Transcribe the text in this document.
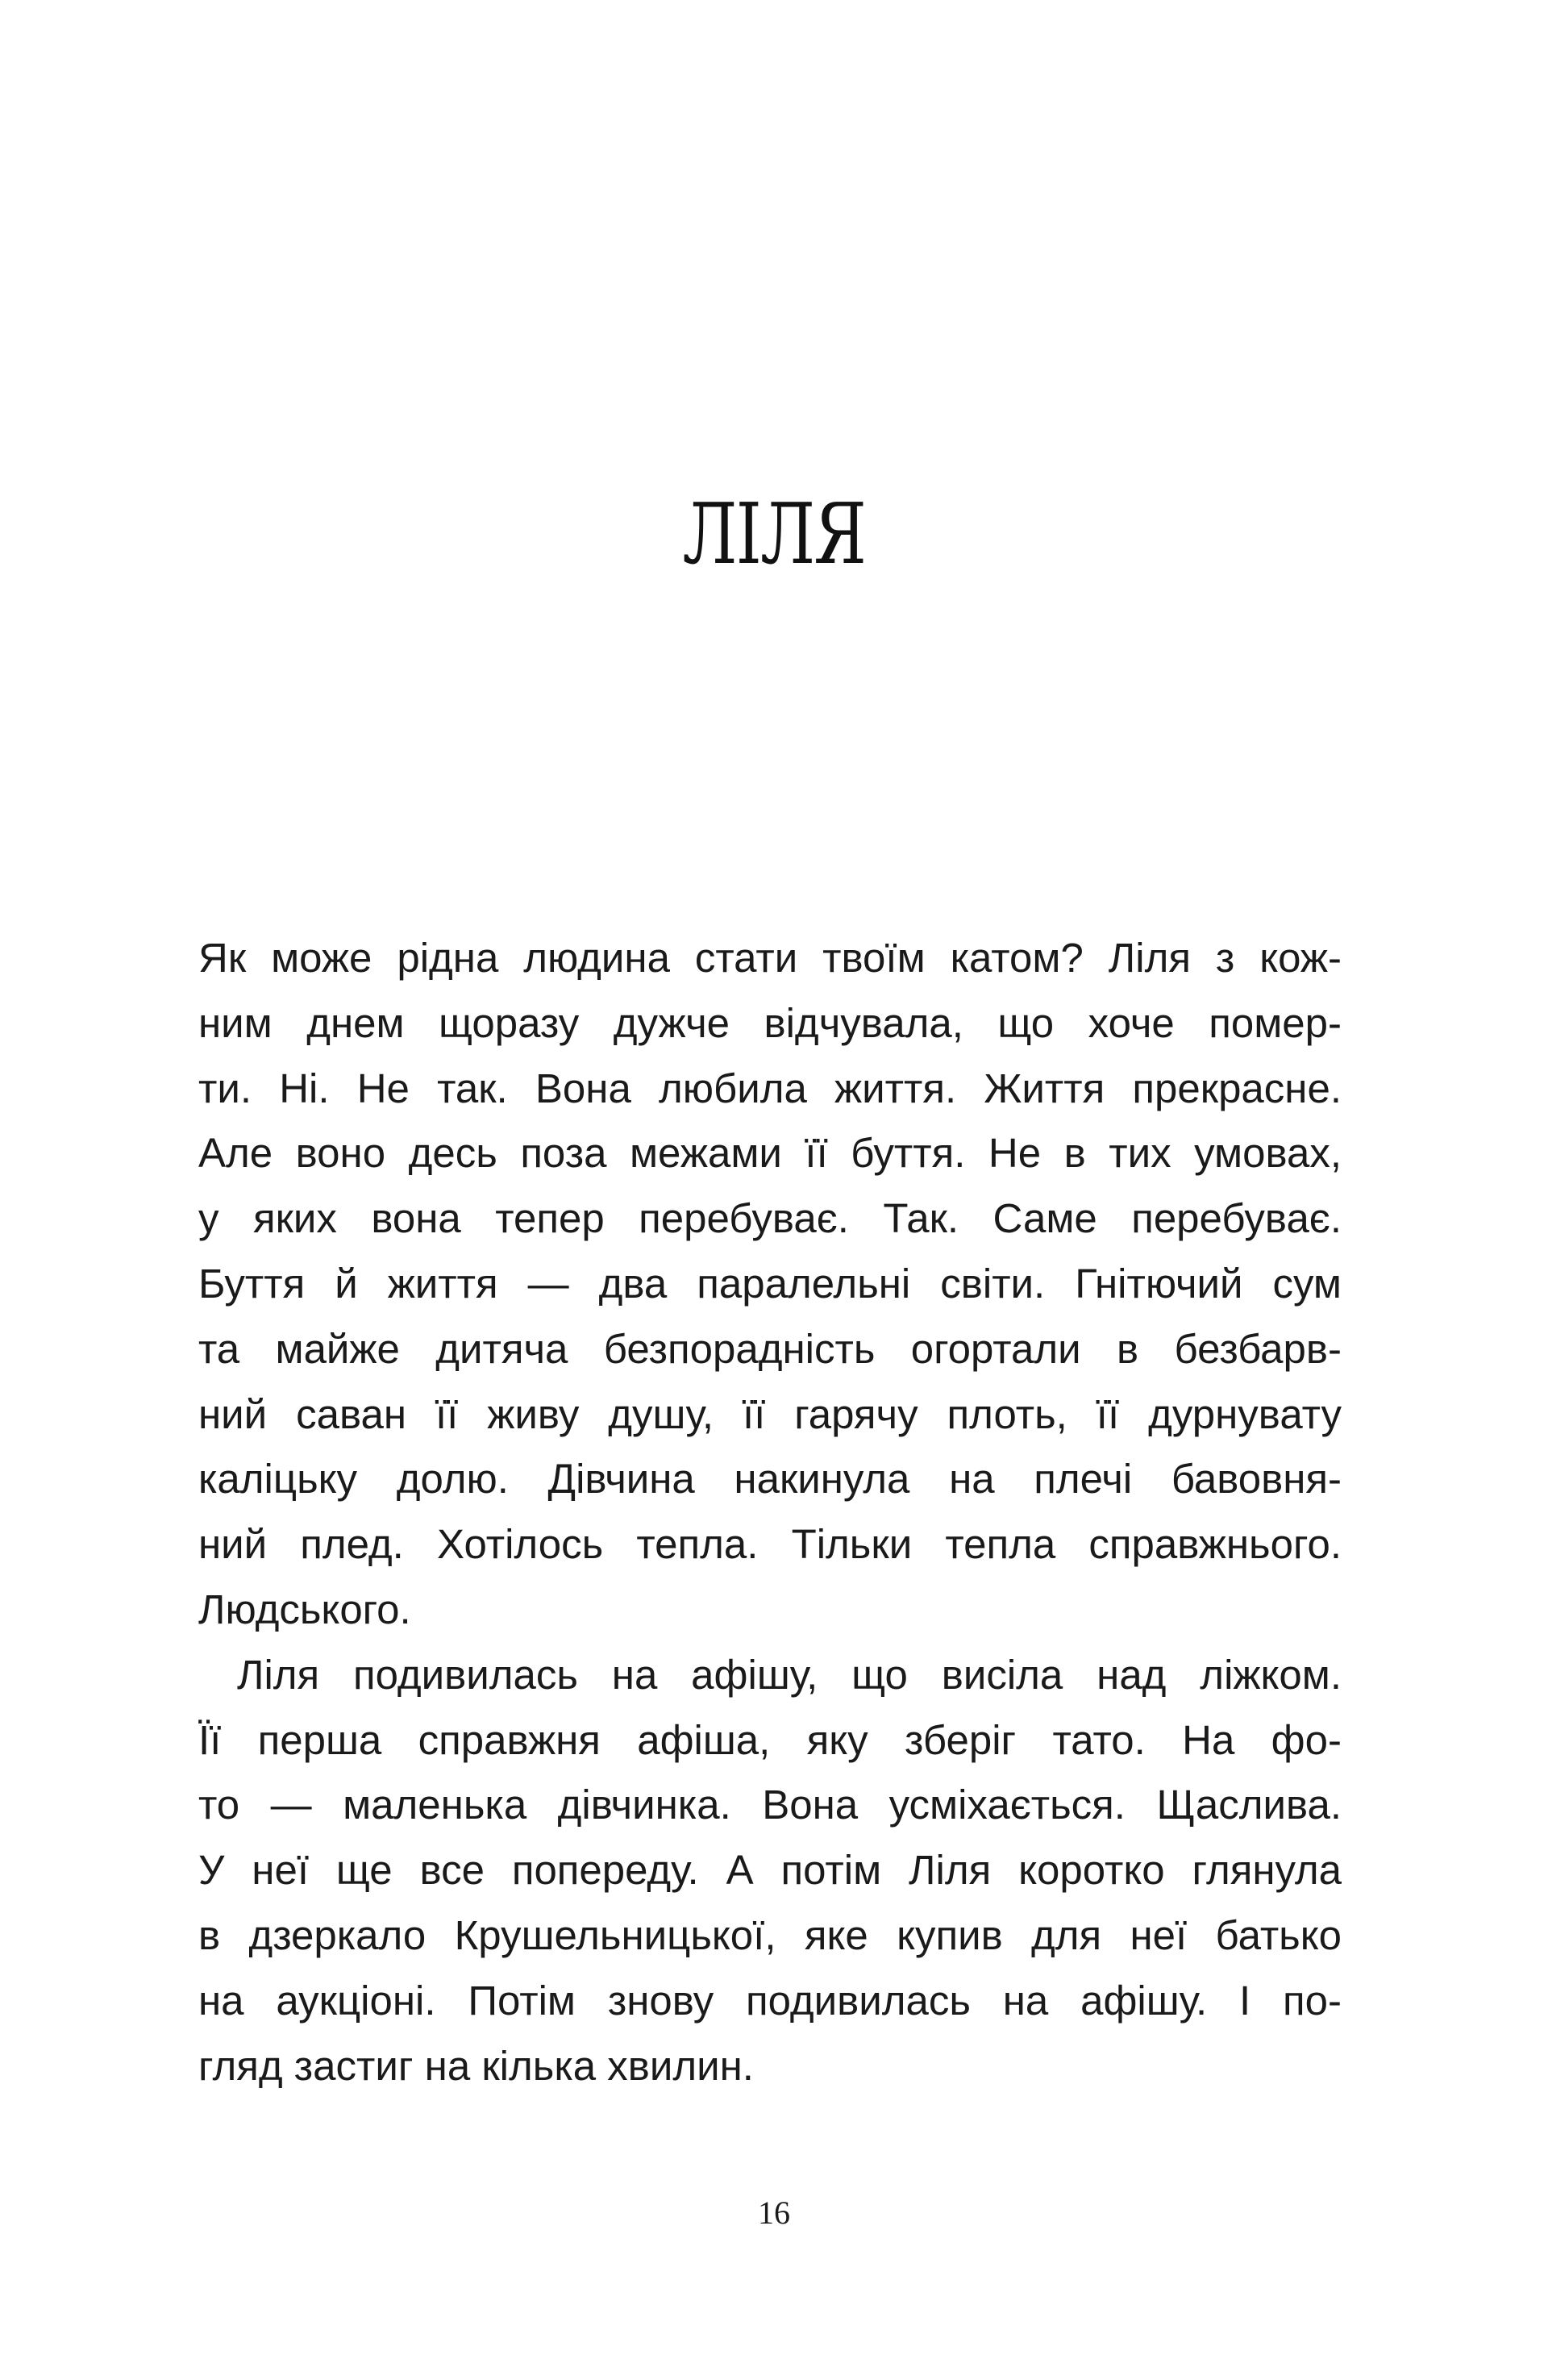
ЛІЛЯ
Як може рідна людина стати твоїм катом? Ліля з кож-
ним днем щоразу дужче відчувала, що хоче помер-
ти. Ні. Не так. Вона любила життя. Життя прекрасне.
Але воно десь поза межами її буття. Не в тих умовах,
у яких вона тепер перебуває. Так. Саме перебуває.
Буття й життя — два паралельні світи. Гнітючий сум
та майже дитяча безпорадність огортали в безбарв-
ний саван її живу душу, її гарячу плоть, її дурнувату
каліцьку долю. Дівчина накинула на плечі бавовня-
ний плед. Хотілось тепла. Тільки тепла справжнього.
Людського.
Ліля подивилась на афішу, що висіла над ліжком.
Її перша справжня афіша, яку зберіг тато. На фо-
то — маленька дівчинка. Вона усміхається. Щаслива.
У неї ще все попереду. А потім Ліля коротко глянула
в дзеркало Крушельницької, яке купив для неї батько
на аукціоні. Потім знову подивилась на афішу. І по-
гляд застиг на кілька хвилин.
16
